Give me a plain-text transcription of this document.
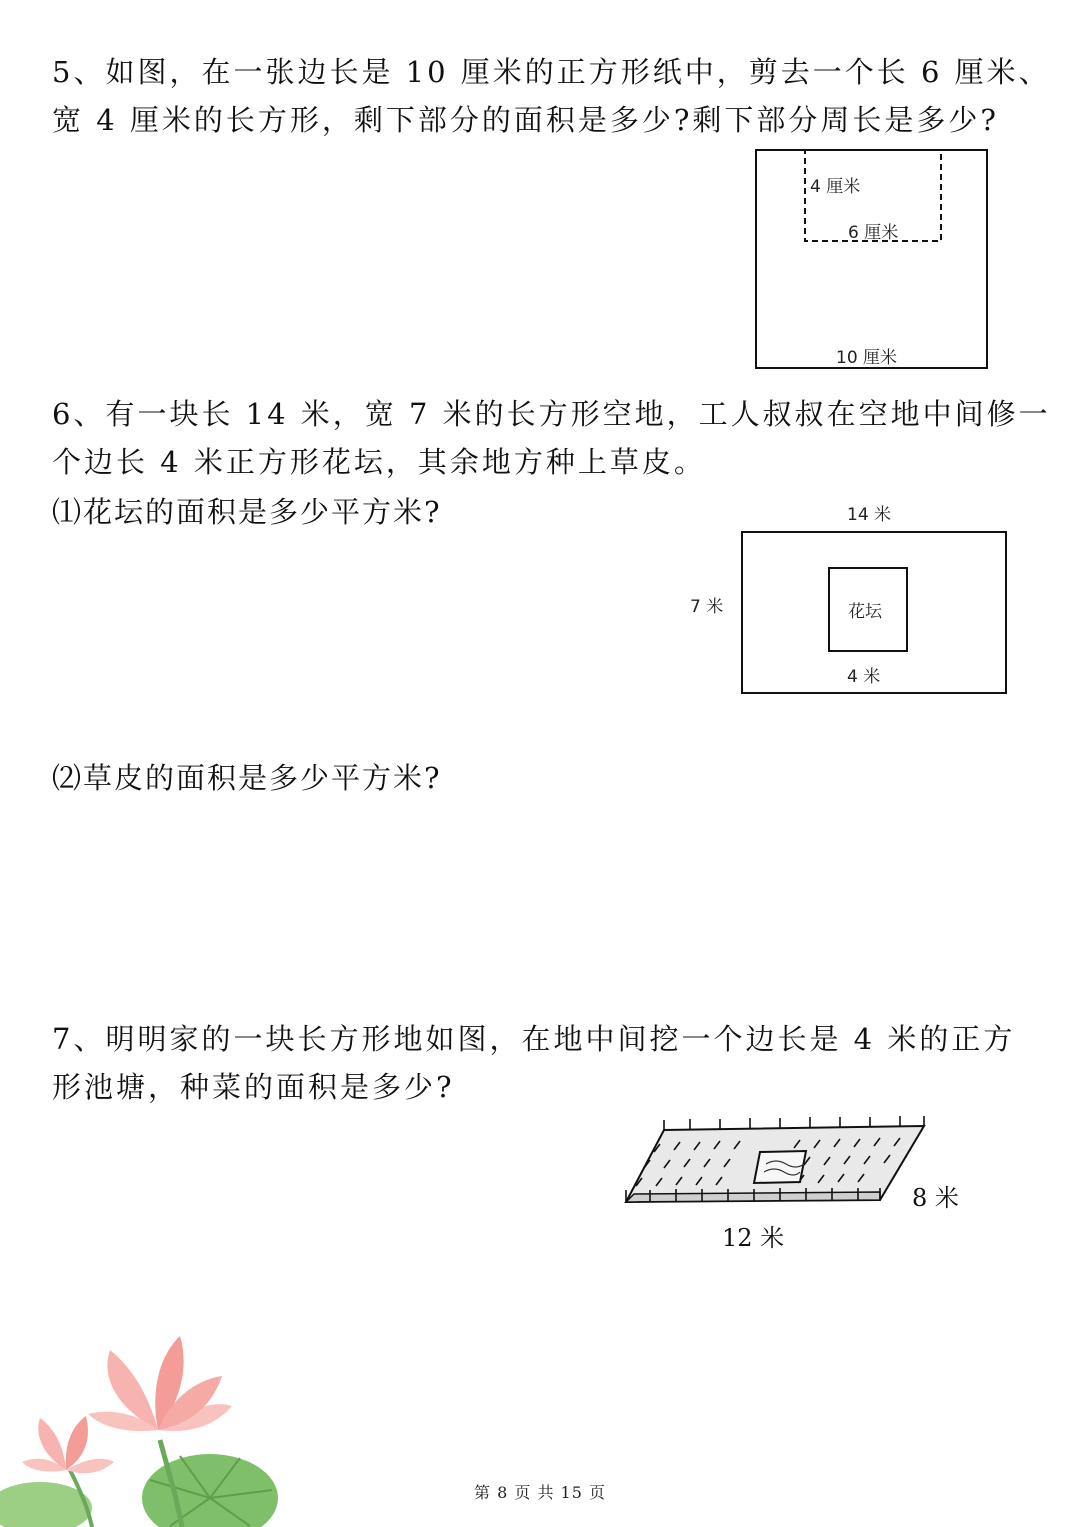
5、如图，在一张边长是 10 厘米的正方形纸中，剪去一个长 6 厘米、
宽 4 厘米的长方形，剩下部分的面积是多少?剩下部分周长是多少?
4 厘米
6 厘米
10 厘米
6、有一块长 14 米，宽 7 米的长方形空地，工人叔叔在空地中间修一
个边长 4 米正方形花坛，其余地方种上草皮。
⑴花坛的面积是多少平方米?	14 米
7 米	花坛
4 米
⑵草皮的面积是多少平方米?
7、明明家的一块长方形地如图，在地中间挖一个边长是 4 米的正方
形池塘，种菜的面积是多少?
8 米
12 米
第 8 页 共 15 页
